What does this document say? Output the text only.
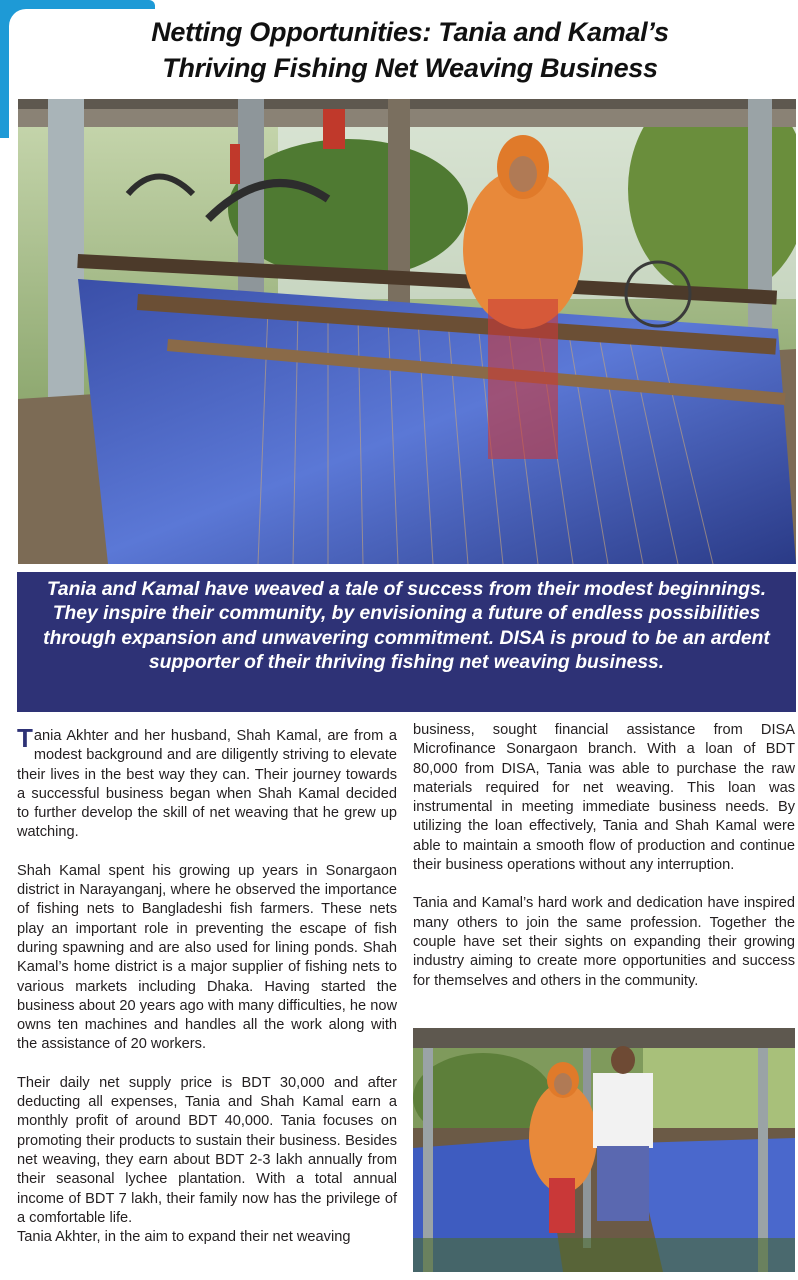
Netting Opportunities: Tania and Kamal’s
Thriving Fishing Net Weaving Business

Tania and Kamal have weaved a tale of success from their modest beginnings. They inspire their community, by envisioning a future of endless possibilities through expansion and unwavering commitment. DISA is proud to be an ardent supporter of their thriving fishing net weaving business.

Tania Akhter and her husband, Shah Kamal, are from a modest background and are diligently striving to elevate their lives in the best way they can. Their journey towards a successful business began when Shah Kamal decided to further develop the skill of net weaving that he grew up watching.

Shah Kamal spent his growing up years in Sonargaon district in Narayanganj, where he observed the importance of fishing nets to Bangladeshi fish farmers. These nets play an important role in preventing the escape of fish during spawning and are also used for lining ponds. Shah Kamal’s home district is a major supplier of fishing nets to various markets including Dhaka. Having started the business about 20 years ago with many difficulties, he now owns ten machines and handles all the work along with the assistance of 20 workers.

Their daily net supply price is BDT 30,000 and after deducting all expenses, Tania and Shah Kamal earn a monthly profit of around BDT 40,000. Tania focuses on promoting their products to sustain their business. Besides net weaving, they earn about BDT 2-3 lakh annually from their seasonal lychee plantation. With a total annual income of BDT 7 lakh, their family now has the privilege of a comfortable life.

Tania Akhter, in the aim to expand their net weaving

business, sought financial assistance from DISA Microfinance Sonargaon branch. With a loan of BDT 80,000 from DISA, Tania was able to purchase the raw materials required for net weaving. This loan was instrumental in meeting immediate business needs. By utilizing the loan effectively, Tania and Shah Kamal were able to maintain a smooth flow of production and continue their business operations without any interruption.

Tania and Kamal’s hard work and dedication have inspired many others to join the same profession. Together the couple have set their sights on expanding their growing industry aiming to create more opportunities and success for themselves and others in the community.
